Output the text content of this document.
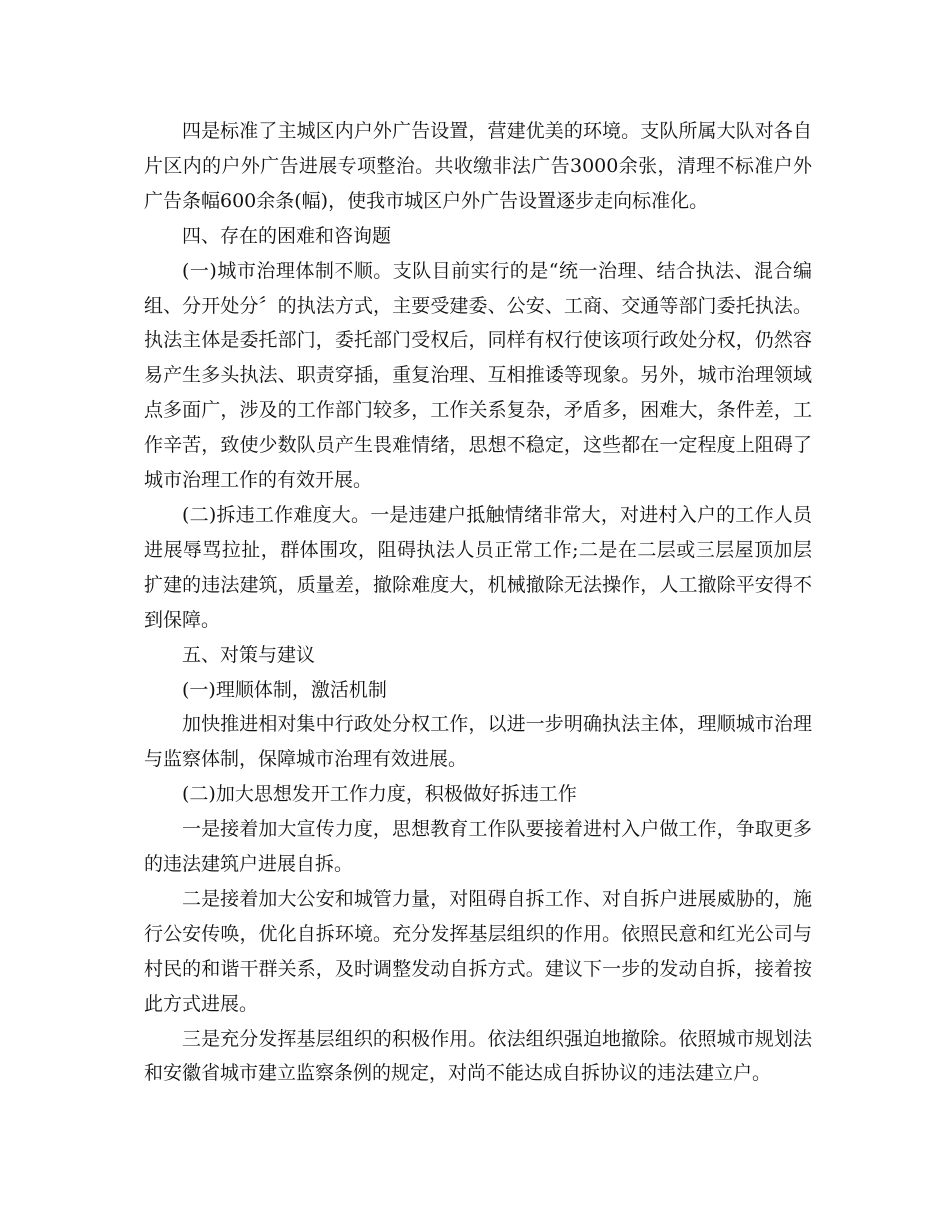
四是标准了主城区内户外广告设置，营建优美的环境。支队所属大队对各自片区内的户外广告进展专项整治。共收缴非法广告3000余张，清理不标准户外广告条幅600余条(幅)，使我市城区户外广告设置逐步走向标准化。

四、存在的困难和咨询题

(一)城市治理体制不顺。支队目前实行的是“统一治理、结合执法、混合编组、分开处分〞的执法方式，主要受建委、公安、工商、交通等部门委托执法。执法主体是委托部门，委托部门受权后，同样有权行使该项行政处分权，仍然容易产生多头执法、职责穿插，重复治理、互相推诿等现象。另外，城市治理领域点多面广，涉及的工作部门较多，工作关系复杂，矛盾多，困难大，条件差，工作辛苦，致使少数队员产生畏难情绪，思想不稳定，这些都在一定程度上阻碍了城市治理工作的有效开展。

(二)拆违工作难度大。一是违建户抵触情绪非常大，对进村入户的工作人员进展辱骂拉扯，群体围攻，阻碍执法人员正常工作;二是在二层或三层屋顶加层扩建的违法建筑，质量差，撤除难度大，机械撤除无法操作，人工撤除平安得不到保障。

五、对策与建议

(一)理顺体制，激活机制

加快推进相对集中行政处分权工作，以进一步明确执法主体，理顺城市治理与监察体制，保障城市治理有效进展。

(二)加大思想发开工作力度，积极做好拆违工作

一是接着加大宣传力度，思想教育工作队要接着进村入户做工作，争取更多的违法建筑户进展自拆。

二是接着加大公安和城管力量，对阻碍自拆工作、对自拆户进展威胁的，施行公安传唤，优化自拆环境。充分发挥基层组织的作用。依照民意和红光公司与村民的和谐干群关系，及时调整发动自拆方式。建议下一步的发动自拆，接着按此方式进展。

三是充分发挥基层组织的积极作用。依法组织强迫地撤除。依照城市规划法和安徽省城市建立监察条例的规定，对尚不能达成自拆协议的违法建立户。
